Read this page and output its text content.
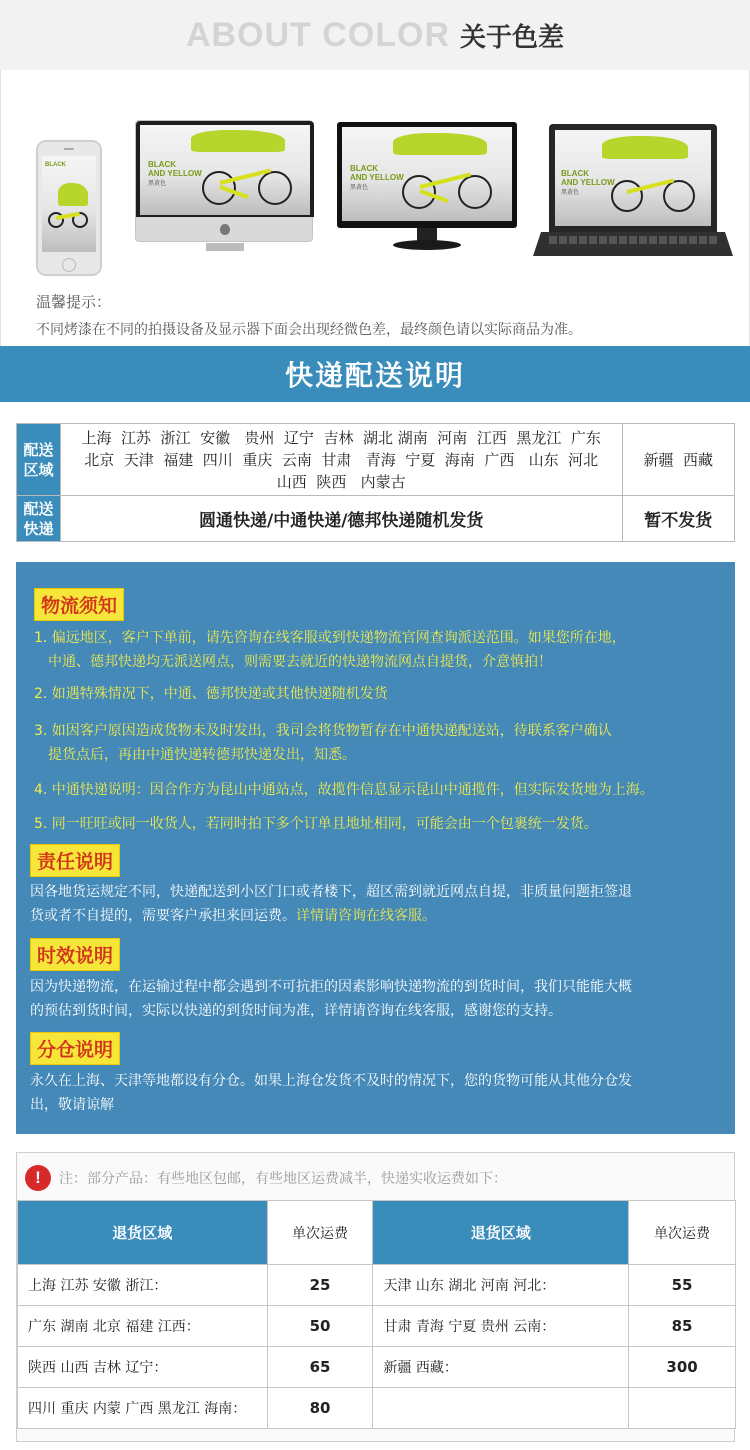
ABOUT COLOR 关于色差
BLACK	BLACK
AND YELLOW
黑黄色
BLACK
AND YELLOW
黑黄色
BLACK
AND YELLOW
黑黄色
温馨提示：
不同烤漆在不同的拍摄设备及显示器下面会出现经微色差，最终颜色请以实际商品为准。
快递配送说明
配送区域	上海  江苏  浙江  安徽   贵州  辽宁  吉林  湖北 湖南  河南  江西  黑龙江  广东
北京  天津  福建  四川  重庆  云南  甘肃   青海  宁夏  海南  广西   山东  河北
山西  陕西   内蒙古	新疆  西藏
配送快递	圆通快递/中通快递/德邦快递随机发货	暂不发货
物流须知
1. 偏远地区，客户下单前，请先咨询在线客服或到快递物流官网查询派送范围。如果您所在地，
中通、德邦快递均无派送网点，则需要去就近的快递物流网点自提货，介意慎拍！
2. 如遇特殊情况下，中通、德邦快递或其他快递随机发货
3. 如因客户原因造成货物未及时发出，我司会将货物暂存在中通快递配送站，待联系客户确认
提货点后，再由中通快递转德邦快递发出，知悉。
4. 中通快递说明：因合作方为昆山中通站点，故揽件信息显示昆山中通揽件，但实际发货地为上海。
5. 同一旺旺或同一收货人，若同时拍下多个订单且地址相同，可能会由一个包裹统一发货。
责任说明
因各地货运规定不同，快递配送到小区门口或者楼下，超区需到就近网点自提，非质量问题拒签退
货或者不自提的，需要客户承担来回运费。详情请咨询在线客服。
时效说明
因为快递物流，在运输过程中都会遇到不可抗拒的因素影响快递物流的到货时间，我们只能能大概
的预估到货时间，实际以快递的到货时间为准，详情请咨询在线客服，感谢您的支持。
分仓说明
永久在上海、天津等地都设有分仓。如果上海仓发货不及时的情况下，您的货物可能从其他分仓发
出，敬请谅解
!	注：部分产品：有些地区包邮，有些地区运费减半，快递实收运费如下：
退货区域	单次运费	退货区域	单次运费
上海 江苏 安徽 浙江：	25	天津 山东 湖北 河南 河北：	55
广东 湖南 北京 福建 江西：	50	甘肃 青海 宁夏 贵州 云南：	85
陕西 山西 吉林 辽宁：	65	新疆 西藏：	300
四川 重庆 内蒙 广西 黑龙江 海南：	80		
